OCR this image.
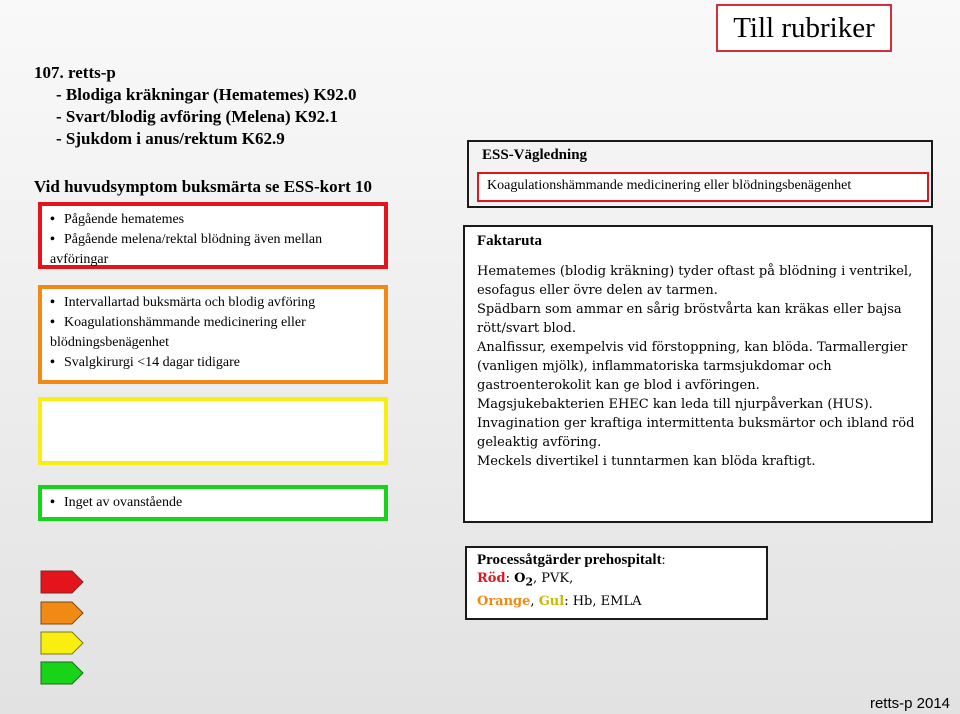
Till rubriker
107. retts-p
- Blodiga kräkningar (Hematemes) K92.0
- Svart/blodig avföring (Melena) K92.1
- Sjukdom i anus/rektum K62.9
Vid huvudsymptom buksmärta se ESS-kort 10
• Pågående hematemes
• Pågående melena/rektal blödning även mellan
avföringar
• Intervallartad buksmärta och blodig avföring
• Koagulationshämmande medicinering eller
blödningsbenägenhet
• Svalgkirurgi <14 dagar tidigare
• Inget av ovanstående
ESS-Vägledning
Koagulationshämmande medicinering eller blödningsbenägenhet
Faktaruta

Hematemes (blodig kräkning) tyder oftast på blödning i ventrikel,

esofagus eller övre delen av tarmen.

Spädbarn som ammar en sårig bröstvårta kan kräkas eller bajsa

rött/svart blod.

Analfissur, exempelvis vid förstoppning, kan blöda. Tarmallergier

(vanligen mjölk), inflammatoriska tarmsjukdomar och

gastroenterokolit kan ge blod i avföringen.

Magsjukebakterien EHEC kan leda till njurpåverkan (HUS).

Invagination ger kraftiga intermittenta buksmärtor och ibland röd

geleaktig avföring.

Meckels divertikel i tunntarmen kan blöda kraftigt.

Processåtgärder prehospitalt:
Röd: $O_2$, PVK,
Orange, Gul: Hb, EMLA
retts-p 2014
